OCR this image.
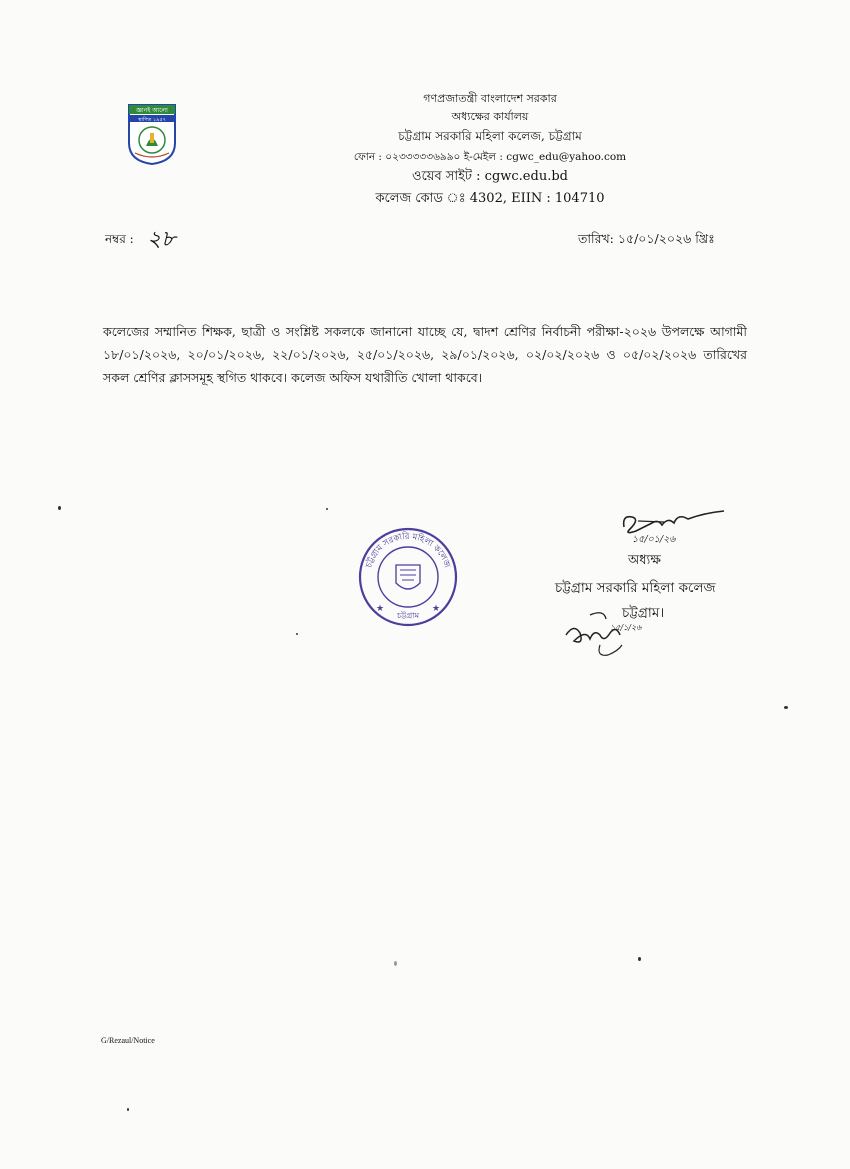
গণপ্রজাতন্ত্রী বাংলাদেশ সরকার
অধ্যক্ষের কার্যালয়
চট্টগ্রাম সরকারি মহিলা কলেজ, চট্টগ্রাম
ফোন : ০২৩৩৩৩৩৬৯৯০ ই-মেইল : cgwc_edu@yahoo.com
ওয়েব সাইট : cgwc.edu.bd
কলেজ কোড ঃ 4302, EIIN : 104710
জ্ঞানই আলো
স্থাপিত ১৯৫৭
নম্বর : ২৮	তারিখ: ১৫/০১/২০২৬ খ্রিঃ
কলেজের সম্মানিত শিক্ষক, ছাত্রী ও সংশ্লিষ্ট সকলকে জানানো যাচ্ছে যে, দ্বাদশ শ্রেণির নির্বাচনী পরীক্ষা-২০২৬ উপলক্ষে আগামী ১৮/০১/২০২৬, ২০/০১/২০২৬, ২২/০১/২০২৬, ২৫/০১/২০২৬, ২৯/০১/২০২৬, ০২/০২/২০২৬ ও ০৫/০২/২০২৬ তারিখের সকল শ্রেণির ক্লাসসমূহ স্থগিত থাকবে। কলেজ অফিস যথারীতি খোলা থাকবে।
চট্টগ্রাম সরকারি মহিলা কলেজ
চট্টগ্রাম
★	★
১৫/০১/২৬
১৫/১/২৬
অধ্যক্ষ
চট্টগ্রাম সরকারি মহিলা কলেজ
চট্টগ্রাম।
G/Rezaul/Notice
